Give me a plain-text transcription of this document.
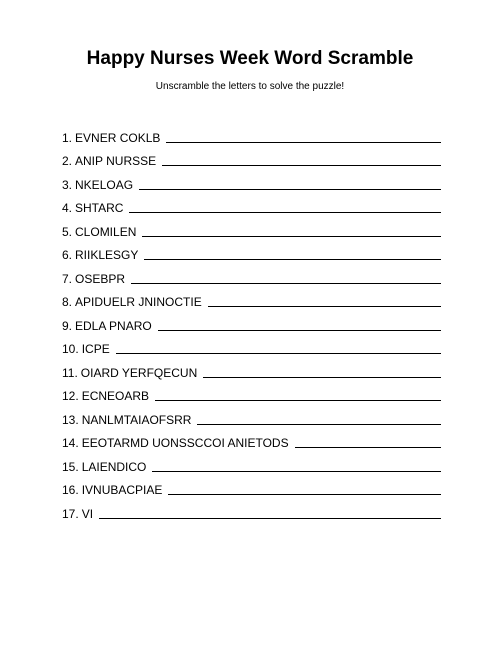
Happy Nurses Week Word Scramble
Unscramble the letters to solve the puzzle!
1. EVNER COKLB
2. ANIP NURSSE
3. NKELOAG
4. SHTARC
5. CLOMILEN
6. RIIKLESGY
7. OSEBPR
8. APIDUELR JNINOCTIE
9. EDLA PNARO
10. ICPE
11. OIARD YERFQECUN
12. ECNEOARB
13. NANLMTAIAOFSRR
14. EEOTARMD UONSSCCOI ANIETODS
15. LAIENDICO
16. IVNUBACPIAE
17. VI
